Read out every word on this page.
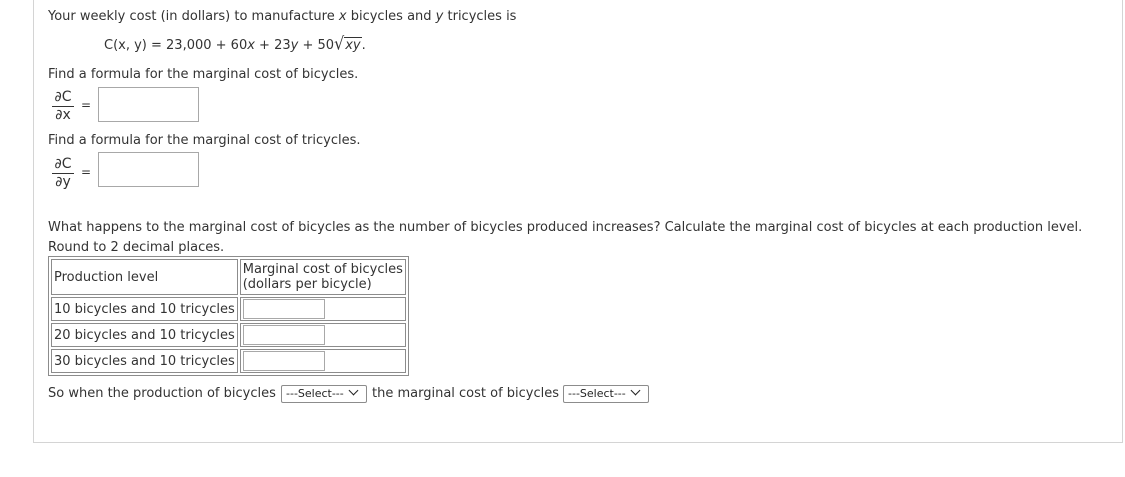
Your weekly cost (in dollars) to manufacture x bicycles and y tricycles is
C(x, y) = 23,000 + 60x + 23y + 50√xy.
Find a formula for the marginal cost of bicycles.
$\frac{\partial C}{\partial x}$ =
Find a formula for the marginal cost of tricycles.
$\frac{\partial C}{\partial y}$ =
What happens to the marginal cost of bicycles as the number of bicycles produced increases? Calculate the marginal cost of bicycles at each production level.
Round to 2 decimal places.
Production level	Marginal cost of bicycles
(dollars per bicycle)

10 bicycles and 10 tricycles	
20 bicycles and 10 tricycles	
30 bicycles and 10 tricycles	
So when the production of bicycles ---Select---	the marginal cost of bicycles ---Select---
